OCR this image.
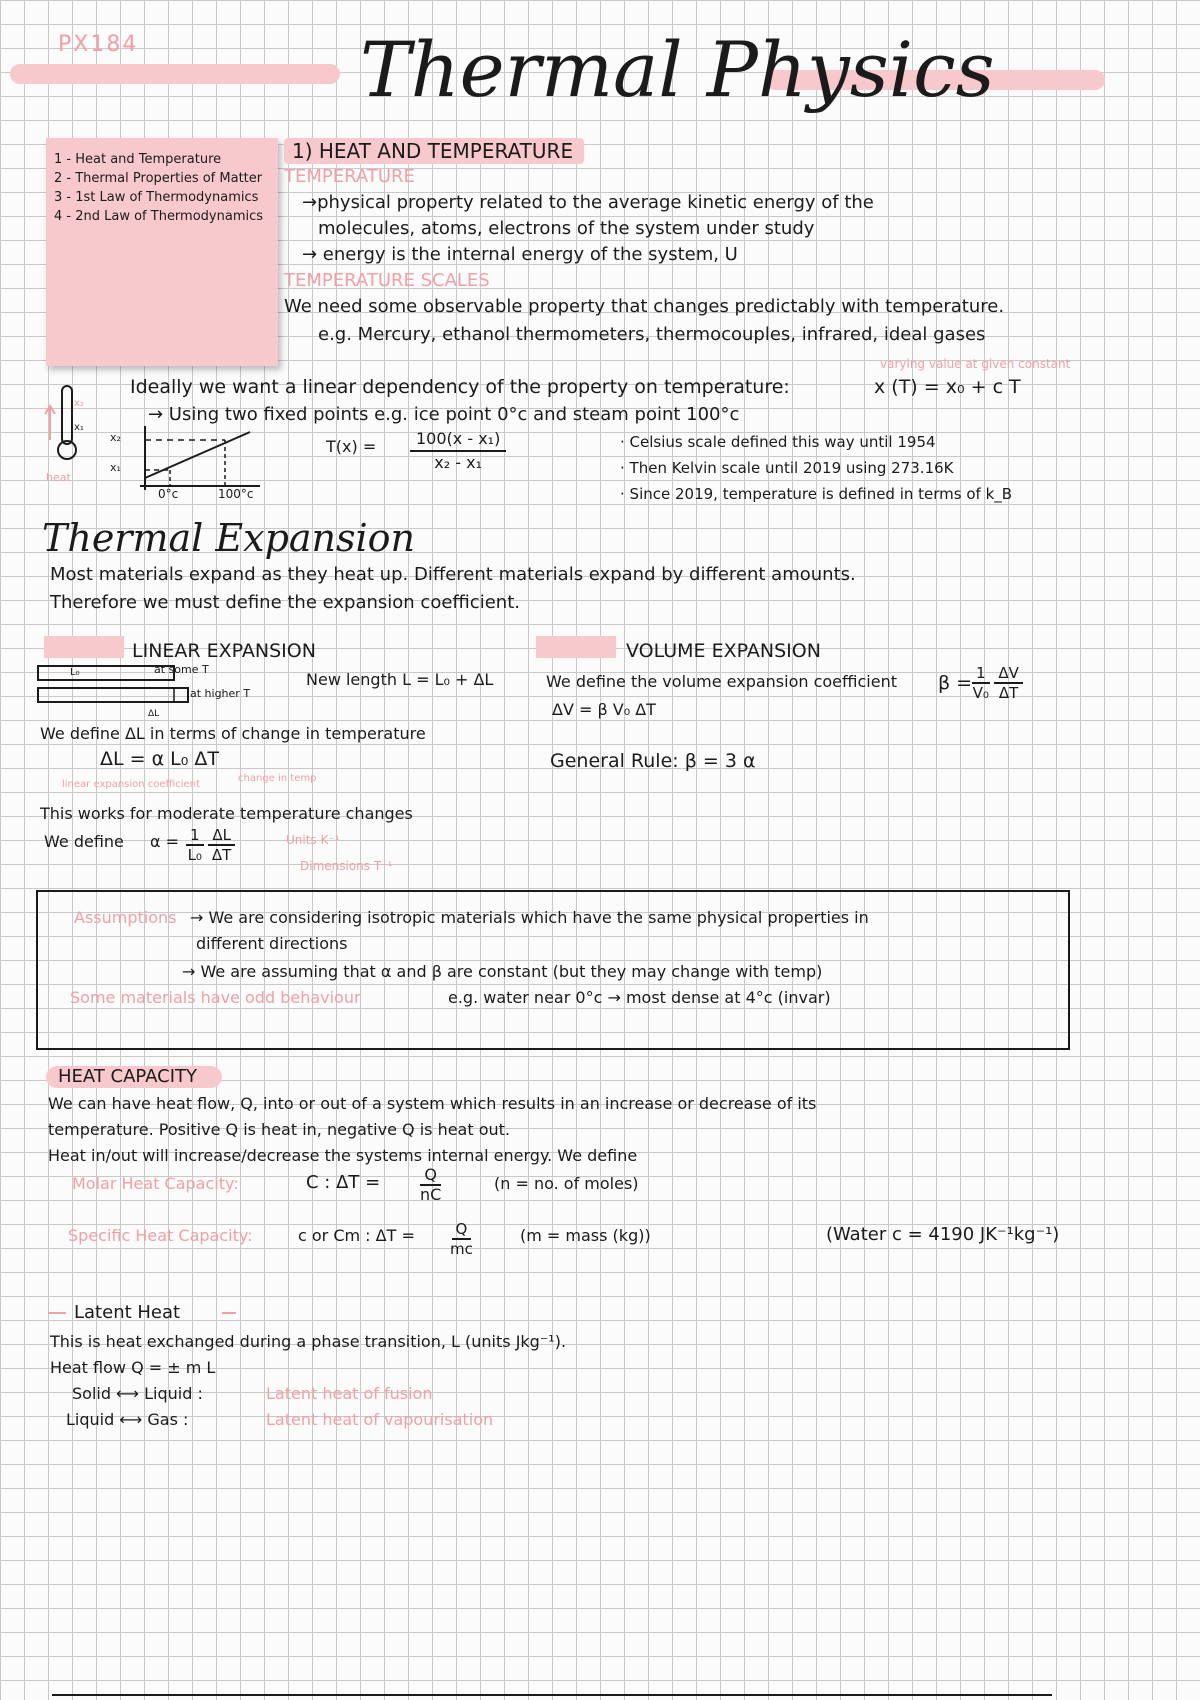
PX184	Thermal Physics
1 - Heat and Temperature
2 - Thermal Properties of Matter
3 - 1st Law of Thermodynamics
4 - 2nd Law of Thermodynamics
1) HEAT AND TEMPERATURE
TEMPERATURE
→physical property related to the average kinetic energy of the
molecules, atoms, electrons of the system under study
→ energy is the internal energy of the system, U
TEMPERATURE SCALES
We need some observable property that changes predictably with temperature.
e.g. Mercury, ethanol thermometers, thermocouples, infrared, ideal gases
varying value at given constant
Ideally we want a linear dependency of the property on temperature:	x (T) = x₀ + c T
→ Using two fixed points e.g. ice point 0°c and steam point 100°c
x₂
x₁
heat
x₂
x₁
0°c	100°c
$T(x) = \frac{\text{100(x - x₁)}}{\text{x₂ - x₁}}$	· Celsius scale defined this way until 1954
· Then Kelvin scale until 2019 using 273.16K
· Since 2019, temperature is defined in terms of k_B
Thermal Expansion
Most materials expand as they heat up. Different materials expand by different amounts.
Therefore we must define the expansion coefficient.
LINEAR EXPANSION
L₀	at some T
at higher T
ΔL
New length L = L₀ + ΔL
We define ΔL in terms of change in temperature
ΔL = α L₀ ΔT
linear expansion coefficient
change in temp
This works for moderate temperature changes
We define $\alpha = \frac{1}{\text{L₀}}$
$\frac{\Delta L}{\Delta T}$	Units K⁻¹
Dimensions T⁻¹
VOLUME EXPANSION
We define the volume expansion coefficient $\beta = \frac{1}{\text{V₀}}$
$\frac{\Delta V}{\Delta T}$
ΔV = β V₀ ΔT
General Rule: β = 3 α
Assumptions → We are considering isotropic materials which have the same physical properties in
different directions
→ We are assuming that α and β are constant (but they may change with temp)
Some materials have odd behaviour	e.g. water near 0°c → most dense at 4°c (invar)
HEAT CAPACITY
We can have heat flow, Q, into or out of a system which results in an increase or decrease of its
temperature. Positive Q is heat in, negative Q is heat out.
Heat in/out will increase/decrease the systems internal energy. We define
Molar Heat Capacity:	C : $\Delta T = \frac{Q}{nC}$	(n = no. of moles)
Specific Heat Capacity:	c or Cm : $\Delta T = \frac{Q}{mc}$	(m = mass (kg))	(Water c = 4190 JK⁻¹kg⁻¹)
Latent Heat
This is heat exchanged during a phase transition, L (units Jkg⁻¹).
Heat flow Q = ± m L
Solid ⟷ Liquid :	Latent heat of fusion
Liquid ⟷ Gas :	Latent heat of vapourisation
